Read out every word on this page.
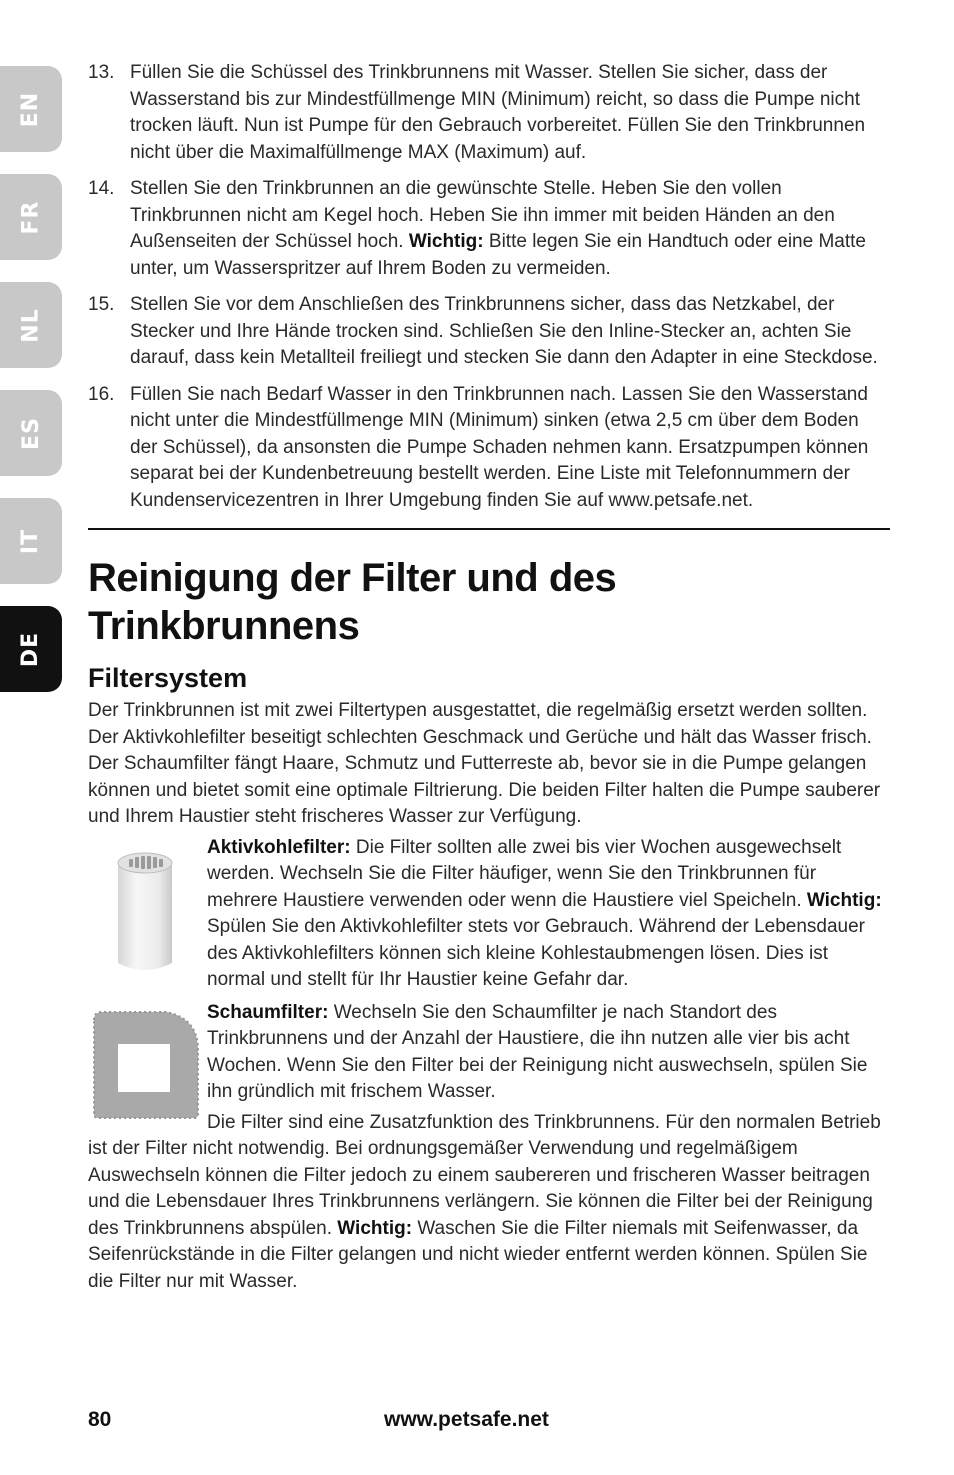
EN
FR
NL
ES
IT
DE
13. Füllen Sie die Schüssel des Trinkbrunnens mit Wasser. Stellen Sie sicher, dass der Wasserstand bis zur Mindestfüllmenge MIN (Minimum) reicht, so dass die Pumpe nicht trocken läuft. Nun ist Pumpe für den Gebrauch vorbereitet. Füllen Sie den Trinkbrunnen nicht über die Maximalfüllmenge MAX (Maximum) auf.
14. Stellen Sie den Trinkbrunnen an die gewünschte Stelle. Heben Sie den vollen Trinkbrunnen nicht am Kegel hoch. Heben Sie ihn immer mit beiden Händen an den Außenseiten der Schüssel hoch. Wichtig: Bitte legen Sie ein Handtuch oder eine Matte unter, um Wasserspritzer auf Ihrem Boden zu vermeiden.
15. Stellen Sie vor dem Anschließen des Trinkbrunnens sicher, dass das Netzkabel, der Stecker und Ihre Hände trocken sind. Schließen Sie den Inline-Stecker an, achten Sie darauf, dass kein Metallteil freiliegt und stecken Sie dann den Adapter in eine Steckdose.
16. Füllen Sie nach Bedarf Wasser in den Trinkbrunnen nach. Lassen Sie den Wasserstand nicht unter die Mindestfüllmenge MIN (Minimum) sinken (etwa 2,5 cm über dem Boden der Schüssel), da ansonsten die Pumpe Schaden nehmen kann. Ersatzpumpen können separat bei der Kundenbetreuung bestellt werden. Eine Liste mit Telefonnummern der Kundenservicezentren in Ihrer Umgebung finden Sie auf www.petsafe.net.
Reinigung der Filter und des Trinkbrunnens
Filtersystem

Der Trinkbrunnen ist mit zwei Filtertypen ausgestattet, die regelmäßig ersetzt werden sollten. Der Aktivkohlefilter beseitigt schlechten Geschmack und Gerüche und hält das Wasser frisch. Der Schaumfilter fängt Haare, Schmutz und Futterreste ab, bevor sie in die Pumpe gelangen können und bietet somit eine optimale Filtrierung. Die beiden Filter halten die Pumpe sauberer und Ihrem Haustier steht frischeres Wasser zur Verfügung.

Aktivkohlefilter: Die Filter sollten alle zwei bis vier Wochen ausgewechselt werden. Wechseln Sie die Filter häufiger, wenn Sie den Trinkbrunnen für mehrere Haustiere verwenden oder wenn die Haustiere viel Speicheln. Wichtig: Spülen Sie den Aktivkohlefilter stets vor Gebrauch. Während der Lebensdauer des Aktivkohlefilters können sich kleine Kohlestaubmengen lösen. Dies ist normal und stellt für Ihr Haustier keine Gefahr dar.

Schaumfilter: Wechseln Sie den Schaumfilter je nach Standort des Trinkbrunnens und der Anzahl der Haustiere, die ihn nutzen alle vier bis acht Wochen. Wenn Sie den Filter bei der Reinigung nicht auswechseln, spülen Sie ihn gründlich mit frischem Wasser.

Die Filter sind eine Zusatzfunktion des Trinkbrunnens. Für den normalen Betrieb ist der Filter nicht notwendig. Bei ordnungsgemäßer Verwendung und regelmäßigem Auswechseln können die Filter jedoch zu einem saubereren und frischeren Wasser beitragen und die Lebensdauer Ihres Trinkbrunnens verlängern. Sie können die Filter bei der Reinigung des Trinkbrunnens abspülen. Wichtig: Waschen Sie die Filter niemals mit Seifenwasser, da Seifenrückstände in die Filter gelangen und nicht wieder entfernt werden können. Spülen Sie die Filter nur mit Wasser.

80	www.petsafe.net
